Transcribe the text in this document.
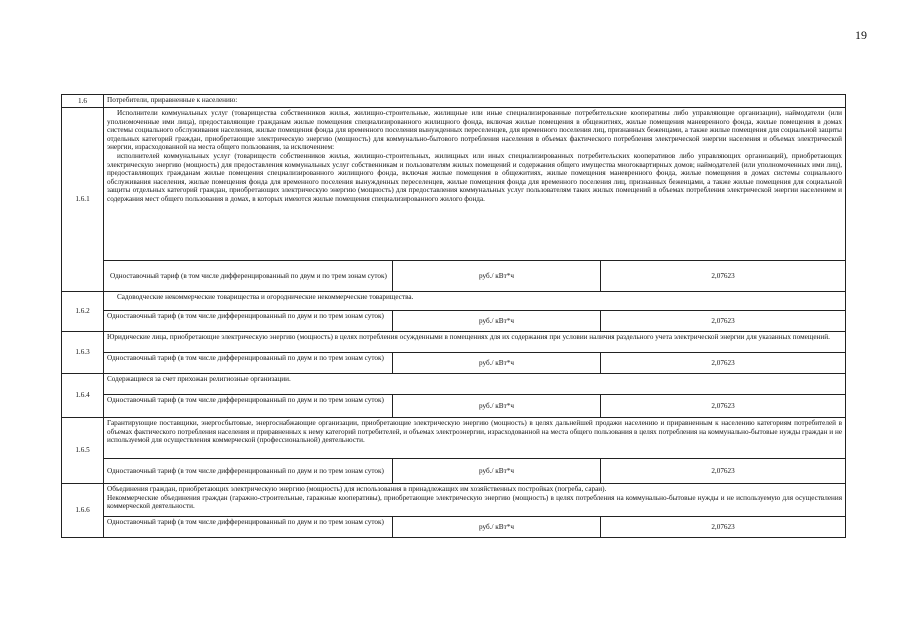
19
1.6	Потребители, приравненные к населению:		
1.6.1	Исполнители коммунальных услуг (товарищества собственников жилья, жилищно-строительные, жилищные или иные специализированные потребительские кооперативы либо управляющие организации), наймодатели (или уполномоченные ими лица), предоставляющие гражданам жилые помещения специализированного жилищного фонда, включая жилые помещения в общежитиях, жилые помещения маневренного фонда, жилые помещения в домах системы социального обслуживания населения, жилые помещения фонда для временного поселения вынужденных переселенцев, для временного поселения лиц, признанных беженцами, а также жилые помещения для социальной защиты отдельных категорий граждан, приобретающие электрическую энергию (мощность) для коммунально-бытового потребления населения в объемах фактического потребления электрической энергии населения и объемах электрической энергии, израсходованной на места общего пользования, за исключением:
исполнителей коммунальных услуг (товариществ собственников жилья, жилищно-строительных, жилищных или иных специализированных потребительских кооперативов либо управляющих организаций), приобретающих электрическую энергию (мощность) для предоставления коммунальных услуг собственникам и пользователям жилых помещений и содержания общего имущества многоквартирных домов; наймодателей (или уполномоченных ими лиц), предоставляющих гражданам жилые помещения специализированного жилищного фонда, включая жилые помещения в общежитиях, жилые помещения маневренного фонда, жилые помещения в домах системы социального обслуживания населения, жилые помещения фонда для временного поселения вынужденных переселенцев, жилые помещения фонда для временного поселения лиц, признанных беженцами, а также жилые помещения для социальной защиты отдельных категорий граждан, приобретающих электрическую энергию (мощность) для предоставления коммунальных услуг пользователям таких жилых помещений в объемах потребления электрической энергии населением и содержания мест общего пользования в домах, в которых имеются жилые помещения специализированного жилого фонда.		

	Одноставочный тариф (в том числе дифференцированный по двум и по трем зонам суток)	руб./ кВт*ч	2,07623
1.6.2	Садоводческие некоммерческие товарищества и огороднические некоммерческие товарищества.		

	Одноставочный тариф (в том числе дифференцированный по двум и по трем зонам суток)	руб./ кВт*ч	2,07623
1.6.3	Юридические лица, приобретающие электрическую энергию (мощность) в целях потребления осужденными в помещениях для их содержания при условии наличия раздельного учета электрической энергии для указанных помещений.		
	Одноставочный тариф (в том числе дифференцированный по двум и по трем зонам суток)	руб./ кВт*ч	2,07623
1.6.4	Содержащиеся за счет прихожан религиозные организации.		
	Одноставочный тариф (в том числе дифференцированный по двум и по трем зонам суток)	руб./ кВт*ч	2,07623
1.6.5	Гарантирующие поставщики, энергосбытовые, энергоснабжающие организации, приобретающие электрическую энергию (мощность) в целях дальнейшей продажи населению и приравненным к населению категориям потребителей в объемах фактического потребления населения и приравненных к нему категорий потребителей, и объемах электроэнергии, израсходованной на места общего пользования в целях потребления на коммунально-бытовые нужды граждан и не используемой для осуществления коммерческой (профессиональной) деятельности.		
	Одноставочный тариф (в том числе дифференцированный по двум и по трем зонам суток)	руб./ кВт*ч	2,07623
1.6.6	Объединения граждан, приобретающих электрическую энергию (мощность) для использования в принадлежащих им хозяйственных постройках (погреба, сараи).
Некоммерческие объединения граждан (гаражно-строительные, гаражные кооперативы), приобретающие электрическую энергию (мощность) в целях потребления на коммунально-бытовые нужды и не используемую для осуществления коммерческой деятельности.		

	Одноставочный тариф (в том числе дифференцированный по двум и по трем зонам суток)	руб./ кВт*ч	2,07623
